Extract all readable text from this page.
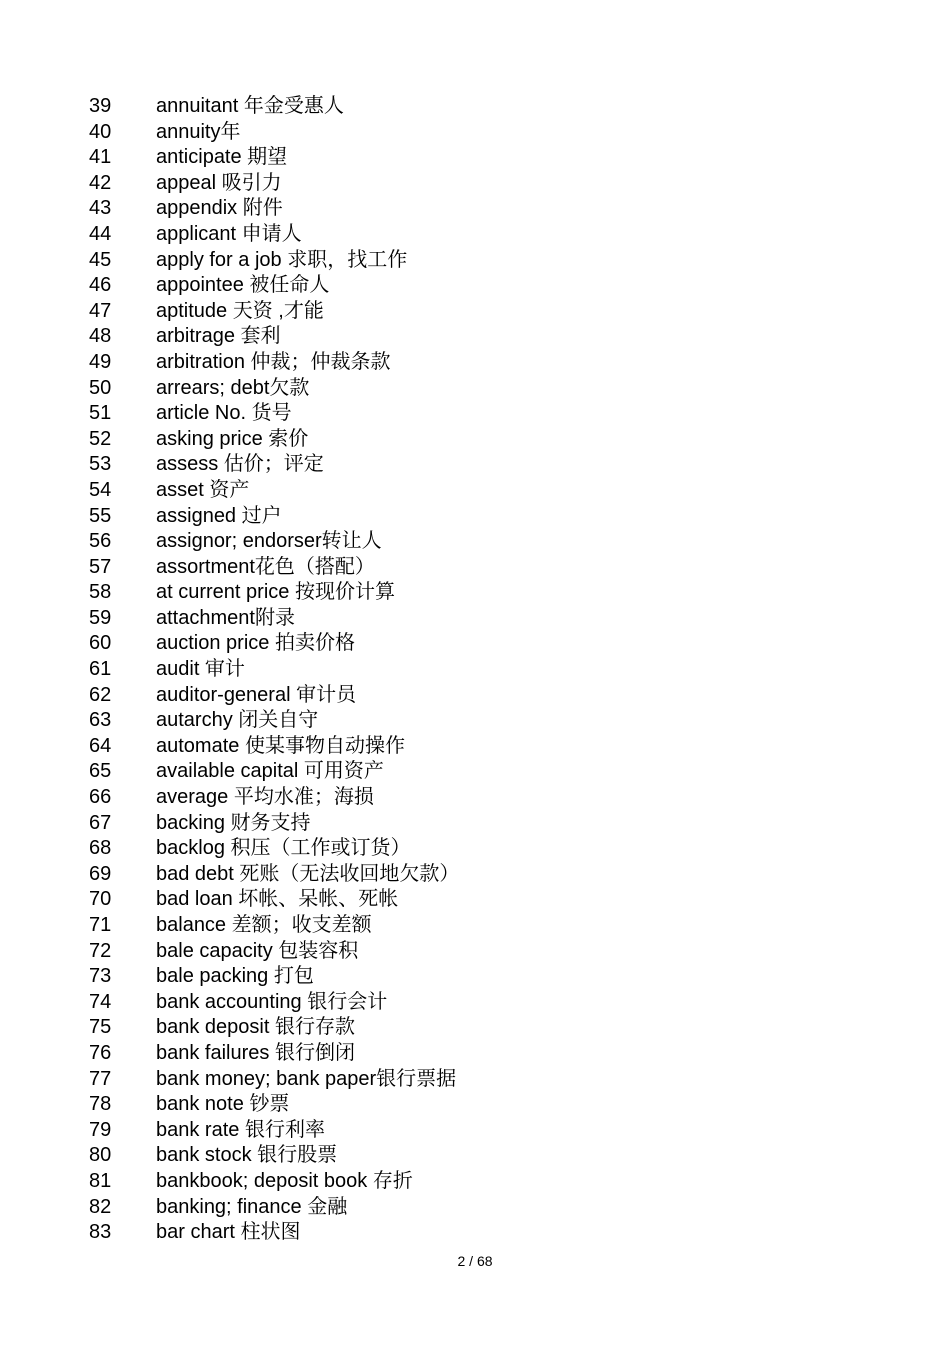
39 annuitant 年金受惠人
40 annuity年
41 anticipate 期望
42 appeal 吸引力
43 appendix 附件
44 applicant 申请人
45 apply for a job 求职，找工作
46 appointee 被任命人
47 aptitude 天资 ,才能
48 arbitrage 套利
49 arbitration 仲裁；仲裁条款
50 arrears; debt欠款
51 article No. 货号
52 asking price 索价
53 assess 估价；评定
54 asset 资产
55 assigned 过户
56 assignor; endorser转让人
57 assortment花色（搭配）
58 at current price 按现价计算
59 attachment附录
60 auction price 拍卖价格
61 audit 审计
62 auditor-general 审计员
63 autarchy 闭关自守
64 automate 使某事物自动操作
65 available capital 可用资产
66 average 平均水准；海损
67 backing 财务支持
68 backlog 积压（工作或订货）
69 bad debt 死账（无法收回地欠款）
70 bad loan 坏帐、呆帐、死帐
71 balance 差额；收支差额
72 bale capacity 包装容积
73 bale packing 打包
74 bank accounting 银行会计
75 bank deposit 银行存款
76 bank failures 银行倒闭
77 bank money; bank paper银行票据
78 bank note 钞票
79 bank rate 银行利率
80 bank stock 银行股票
81 bankbook; deposit book 存折
82 banking; finance 金融
83 bar chart 柱状图
2 / 68
